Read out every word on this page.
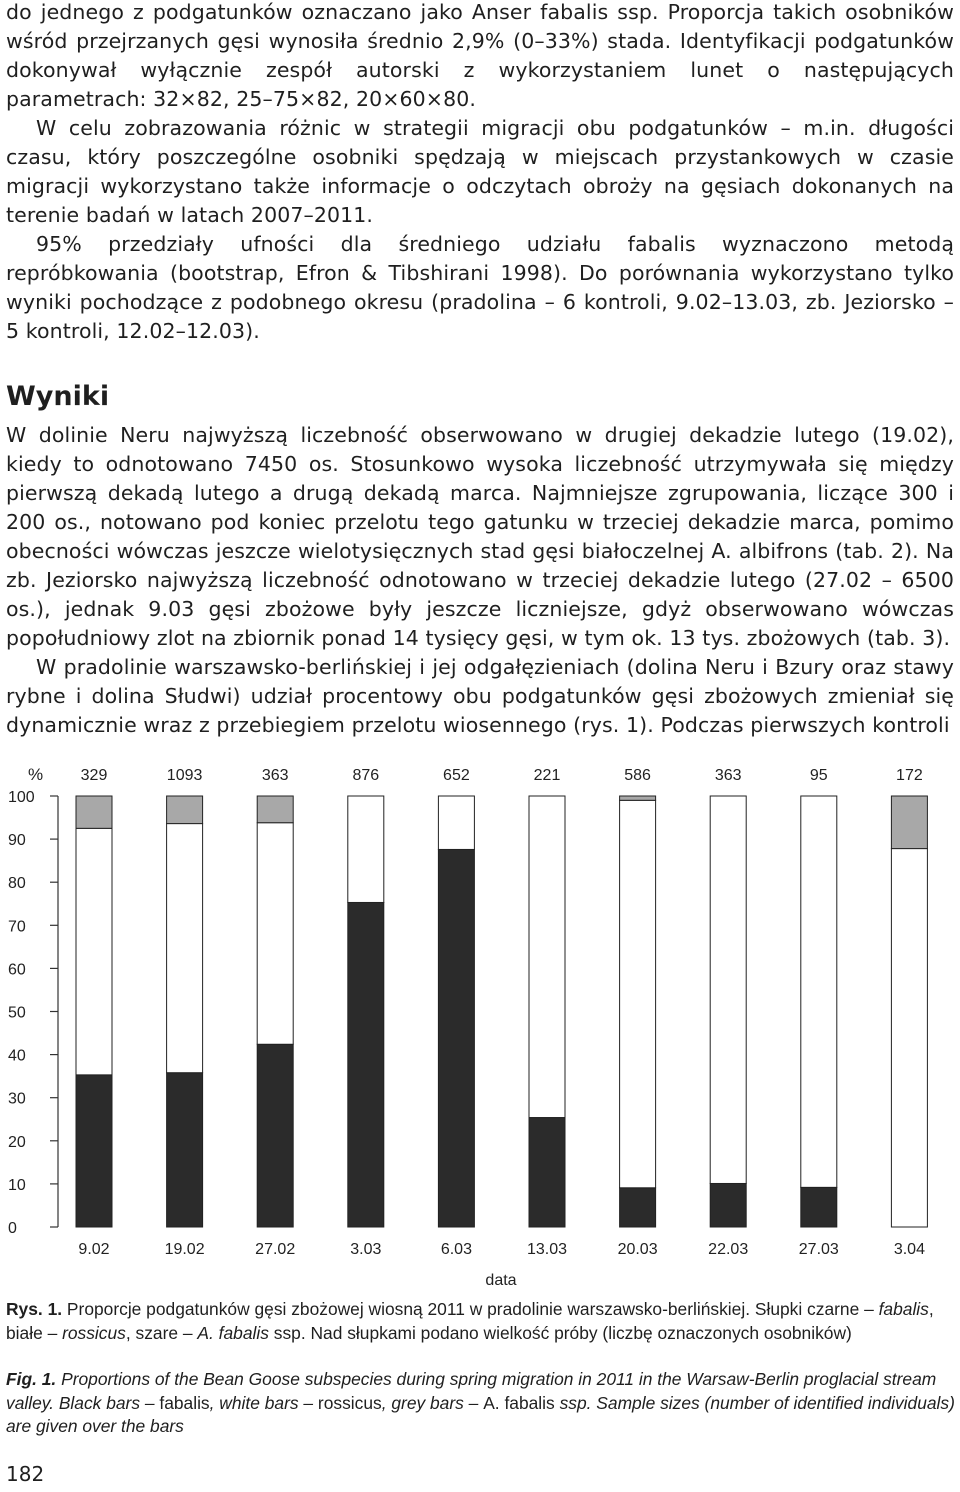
do jednego z podgatunków oznaczano jako Anser fabalis ssp. Proporcja takich osobników wśród przejrzanych gęsi wynosiła średnio 2,9% (0–33%) stada. Identyfikacji podgatunków dokonywał wyłącznie zespół autorski z wykorzystaniem lunet o następujących parametrach: 32×82, 25–75×82, 20×60×80.

W celu zobrazowania różnic w strategii migracji obu podgatunków – m.in. długości czasu, który poszczególne osobniki spędzają w miejscach przystankowych w czasie migracji wykorzystano także informacje o odczytach obroży na gęsiach dokonanych na terenie badań w latach 2007–2011.

95% przedziały ufności dla średniego udziału fabalis wyznaczono metodą repróbkowania (bootstrap, Efron & Tibshirani 1998). Do porównania wykorzystano tylko wyniki pochodzące z podobnego okresu (pradolina – 6 kontroli, 9.02–13.03, zb. Jeziorsko – 5 kontroli, 12.02–12.03).

Wyniki

W dolinie Neru najwyższą liczebność obserwowano w drugiej dekadzie lutego (19.02), kiedy to odnotowano 7450 os. Stosunkowo wysoka liczebność utrzymywała się między pierwszą dekadą lutego a drugą dekadą marca. Najmniejsze zgrupowania, liczące 300 i 200 os., notowano pod koniec przelotu tego gatunku w trzeciej dekadzie marca, pomimo obecności wówczas jeszcze wielotysięcznych stad gęsi białoczelnej A. albifrons (tab. 2). Na zb. Jeziorsko najwyższą liczebność odnotowano w trzeciej dekadzie lutego (27.02 – 6500 os.), jednak 9.03 gęsi zbożowe były jeszcze liczniejsze, gdyż obserwowano wówczas popołudniowy zlot na zbiornik ponad 14 tysięcy gęsi, w tym ok. 13 tys. zbożowych (tab. 3).

W pradolinie warszawsko-berlińskiej i jej odgałęzieniach (dolina Neru i Bzury oraz stawy rybne i dolina Słudwi) udział procentowy obu podgatunków gęsi zbożowych zmieniał się dynamicznie wraz z przebiegiem przelotu wiosennego (rys. 1). Podczas pierwszych kontroli

%
0
10
20
30
40
50
60
70
80
90
100
329
9.02
1093
19.02
363
27.02
876
3.03
652
6.03
221
13.03
586
20.03
363
22.03
95
27.03
172
3.04
data

Rys. 1. Proporcje podgatunków gęsi zbożowej wiosną 2011 w pradolinie warszawsko-berlińskiej. Słupki czarne – fabalis, białe – rossicus, szare – A. fabalis ssp. Nad słupkami podano wielkość próby (liczbę oznaczonych osobników)

Fig. 1. Proportions of the Bean Goose subspecies during spring migration in 2011 in the Warsaw-Berlin proglacial stream valley. Black bars – fabalis, white bars – rossicus, grey bars – A. fabalis ssp. Sample sizes (number of identified individuals) are given over the bars

182
